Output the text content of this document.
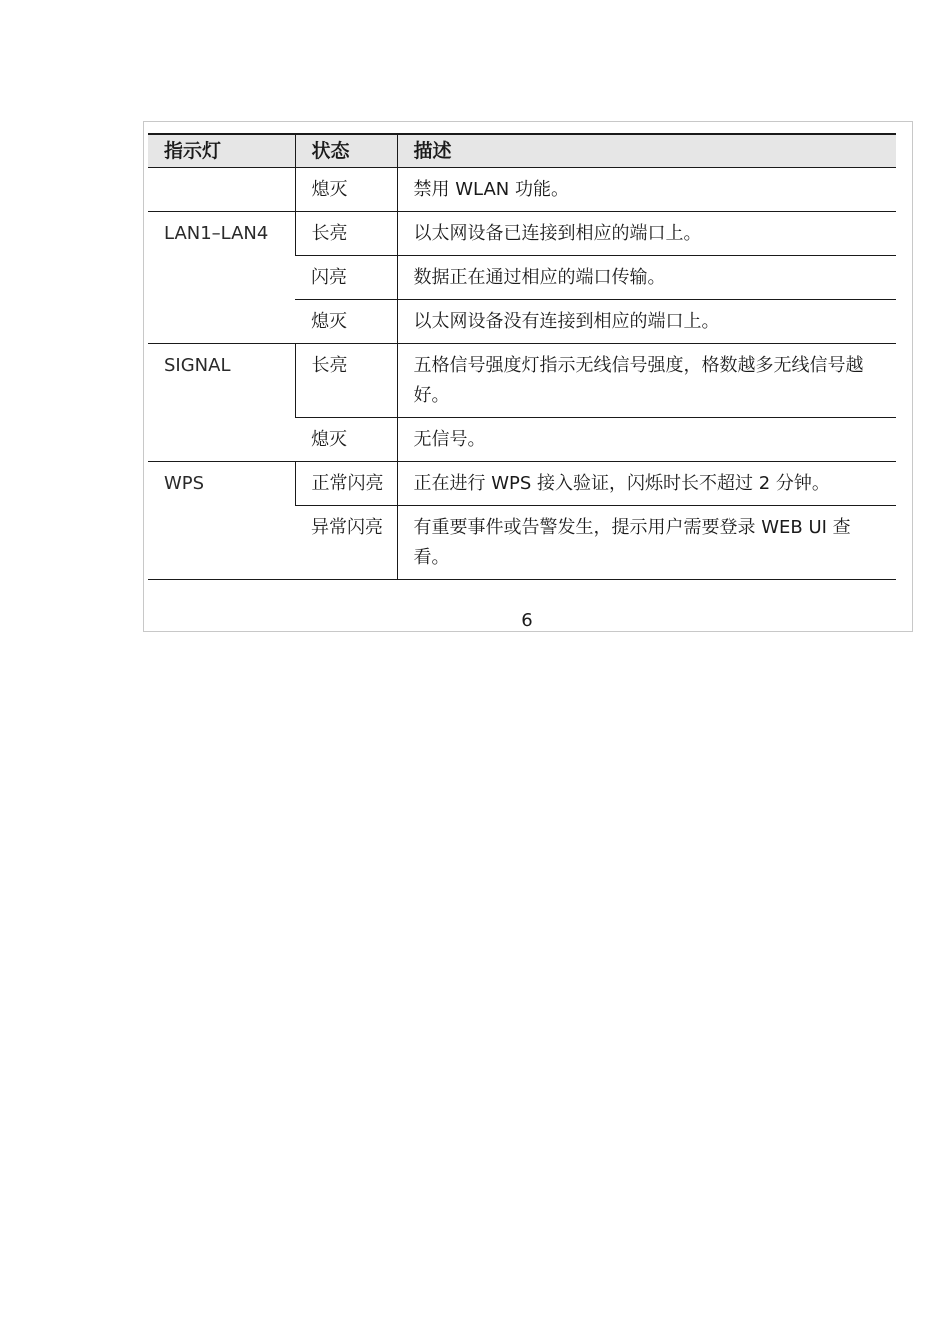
指示灯	状态	描述
	熄灭	禁用 WLAN 功能。
LAN1–LAN4	长亮	以太网设备已连接到相应的端口上。
	闪亮	数据正在通过相应的端口传输。
	熄灭	以太网设备没有连接到相应的端口上。
SIGNAL	长亮	五格信号强度灯指示无线信号强度，格数越多无线信号越好。
	熄灭	无信号。
WPS	正常闪亮	正在进行 WPS 接入验证，闪烁时长不超过 2 分钟。
	异常闪亮	有重要事件或告警发生，提示用户需要登录 WEB UI 查看。
6
